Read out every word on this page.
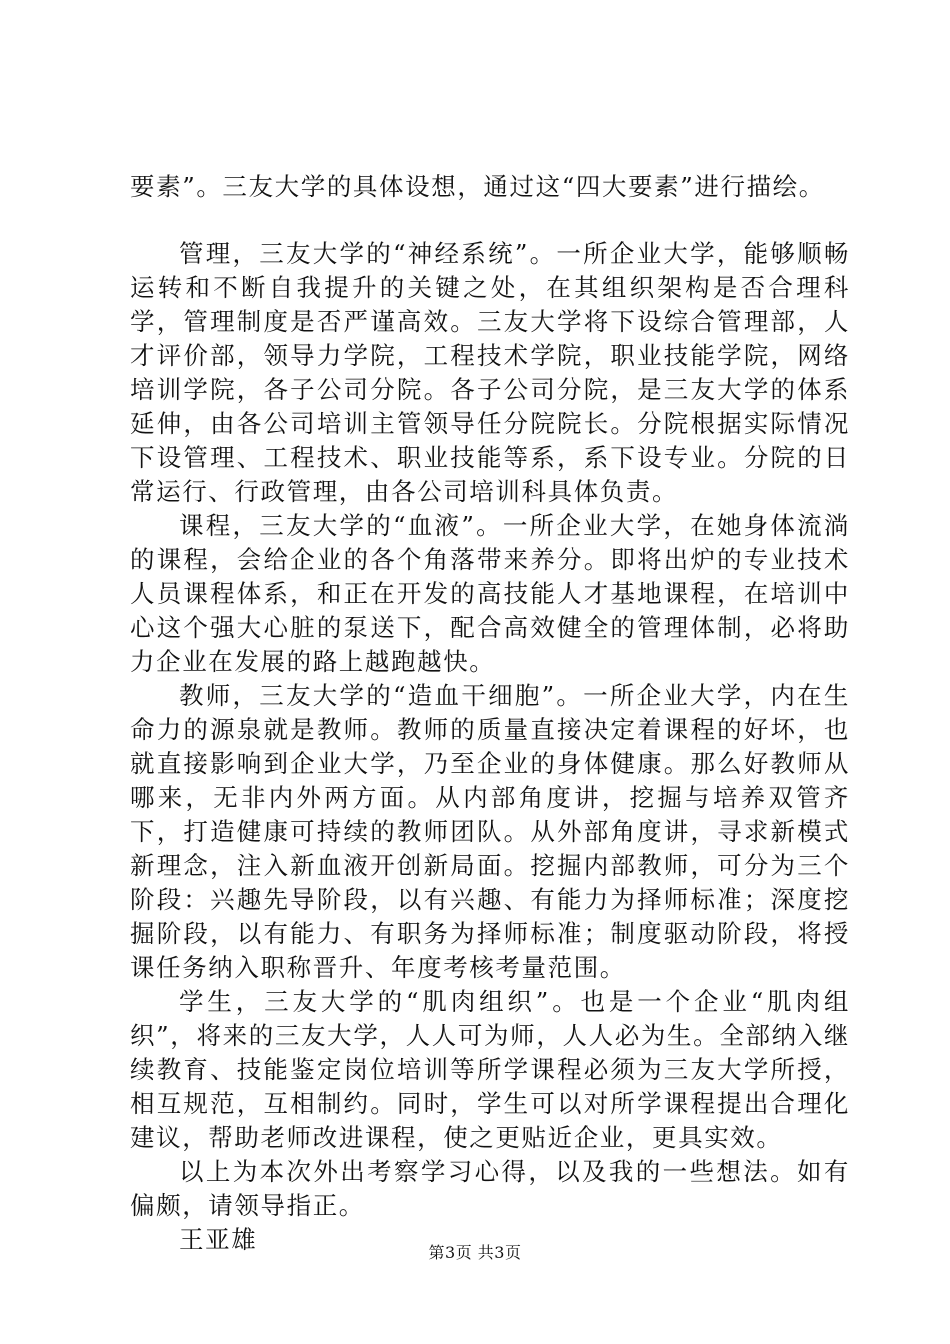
要素”。三友大学的具体设想，通过这“四大要素”进行描绘。

管理，三友大学的“神经系统”。一所企业大学，能够顺畅运转和不断自我提升的关键之处，在其组织架构是否合理科学，管理制度是否严谨高效。三友大学将下设综合管理部，人才评价部，领导力学院，工程技术学院，职业技能学院，网络培训学院，各子公司分院。各子公司分院，是三友大学的体系延伸，由各公司培训主管领导任分院院长。分院根据实际情况下设管理、工程技术、职业技能等系，系下设专业。分院的日常运行、行政管理，由各公司培训科具体负责。

课程，三友大学的“血液”。一所企业大学，在她身体流淌的课程，会给企业的各个角落带来养分。即将出炉的专业技术人员课程体系，和正在开发的高技能人才基地课程，在培训中心这个强大心脏的泵送下，配合高效健全的管理体制，必将助力企业在发展的路上越跑越快。

教师，三友大学的“造血干细胞”。一所企业大学，内在生命力的源泉就是教师。教师的质量直接决定着课程的好坏，也就直接影响到企业大学，乃至企业的身体健康。那么好教师从哪来，无非内外两方面。从内部角度讲，挖掘与培养双管齐下，打造健康可持续的教师团队。从外部角度讲，寻求新模式新理念，注入新血液开创新局面。挖掘内部教师，可分为三个阶段：兴趣先导阶段，以有兴趣、有能力为择师标准；深度挖掘阶段，以有能力、有职务为择师标准；制度驱动阶段，将授课任务纳入职称晋升、年度考核考量范围。

学生，三友大学的“肌肉组织”。也是一个企业“肌肉组织”，将来的三友大学，人人可为师，人人必为生。全部纳入继续教育、技能鉴定岗位培训等所学课程必须为三友大学所授，相互规范，互相制约。同时，学生可以对所学课程提出合理化建议，帮助老师改进课程，使之更贴近企业，更具实效。

以上为本次外出考察学习心得，以及我的一些想法。如有偏颇，请领导指正。

王亚雄	第3页 共3页
